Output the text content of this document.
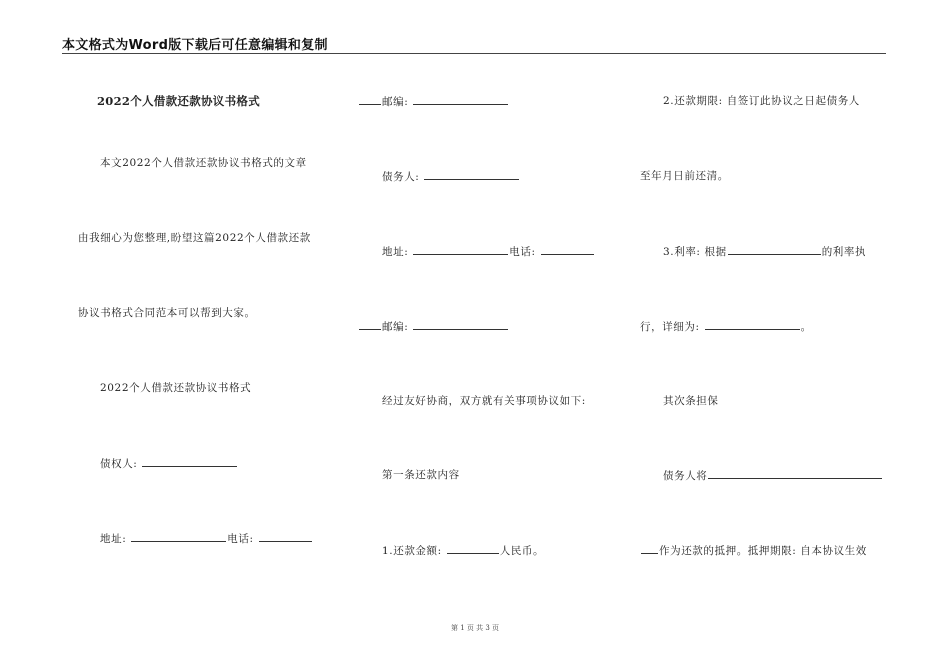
本文格式为Word版下载后可任意编辑和复制
2022个人借款还款协议书格式
本文2022个人借款还款协议书格式的文章
由我细心为您整理,盼望这篇2022个人借款还款
协议书格式合同范本可以帮到大家。
2022个人借款还款协议书格式
债权人:
地址:	电话:
邮编:
债务人:
地址:	电话:
邮编:
经过友好协商，双方就有关事项协议如下:
第一条还款内容
1.还款金额:	人民币。
2.还款期限: 自签订此协议之日起债务人
至年月日前还清。
3.利率: 根据	的利率执
行，详细为:	。
其次条担保
债务人将
作为还款的抵押。抵押期限: 自本协议生效
第 1 页 共 3 页
